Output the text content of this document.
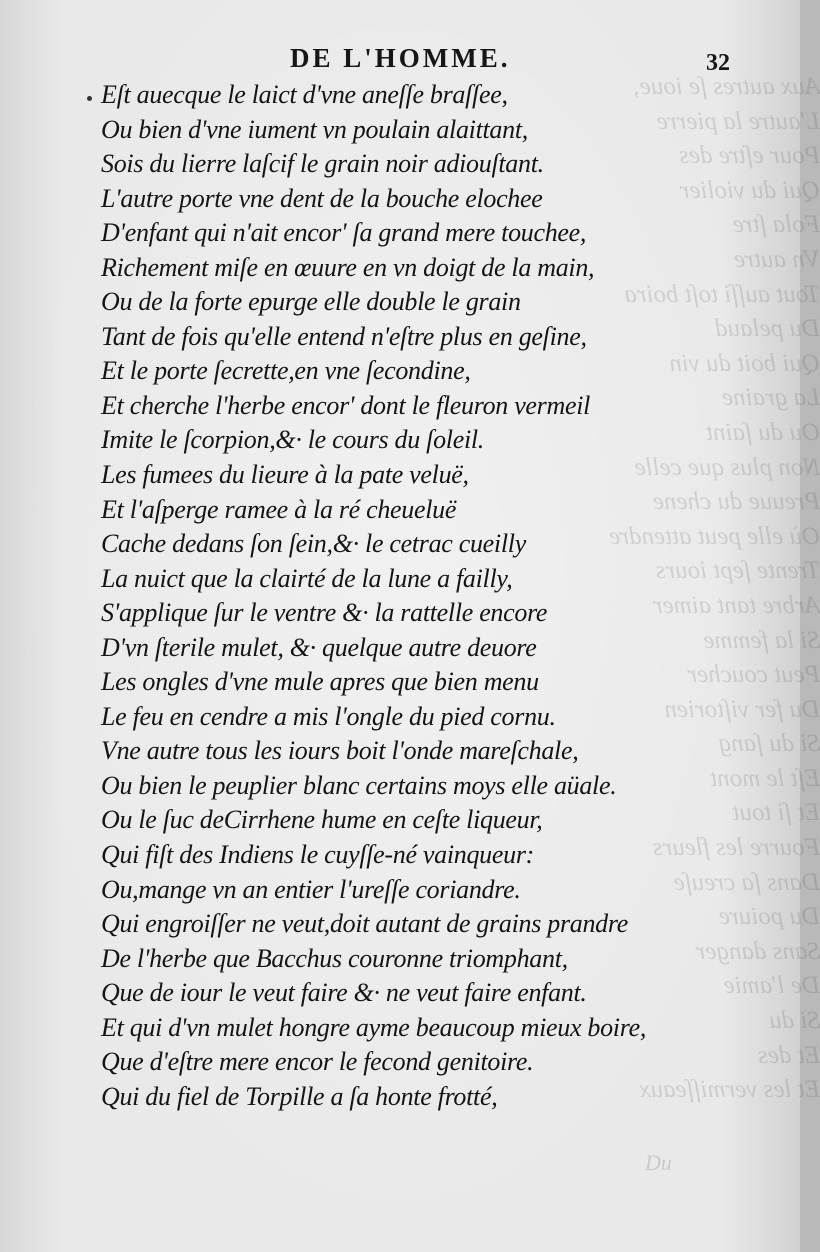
Aux autres ſe ioue,
L'autre la pierre
Pour eſtre des
Qui du violier
Fola ſtre
Vn autre
Tout auſſi toſt boira
Du pelaud
Qui boit du vin
La graine
Ou du ſaint
Non plus que celle
Preuue du chene
Où elle peut attendre
Trente ſept iours
Arbre tant aimer
Si la femme
Peut coucher
Du fer viſtorien
Si du ſang
Eſt le mont
Et ſi tout
Fourre les fleurs
Dans ſa creuſe
Du poiure
Sans danger
De l'amie
Si du
Et des
Et les vermiſſeaux
DE L'HOMME.	32
Eſt auecque le laict d'vne aneſſe braſſee,
Ou bien d'vne iument vn poulain alaittant,
Sois du lierre laſcif le grain noir adiouſtant.
L'autre porte vne dent de la bouche elochee
D'enfant qui n'ait encor' ſa grand mere touchee,
Richement miſe en œuure en vn doigt de la main,
Ou de la forte epurge elle double le grain
Tant de fois qu'elle entend n'eſtre plus en geſine,
Et le porte ſecrette,en vne ſecondine,
Et cherche l'herbe encor' dont le fleuron vermeil
Imite le ſcorpion,&· le cours du ſoleil.
Les fumees du lieure à la pate veluë,
Et l'aſperge ramee à la ré cheueluë
Cache dedans ſon ſein,&· le cetrac cueilly
La nuict que la clairté de la lune a failly,
S'applique ſur le ventre &· la rattelle encore
D'vn ſterile mulet, &· quelque autre deuore
Les ongles d'vne mule apres que bien menu
Le feu en cendre a mis l'ongle du pied cornu.
Vne autre tous les iours boit l'onde mareſchale,
Ou bien le peuplier blanc certains moys elle aüale.
Ou le ſuc deCirrhene hume en ceſte liqueur,
Qui fiſt des Indiens le cuyſſe-né vainqueur:
Ou,mange vn an entier l'ureſſe coriandre.
Qui engroiſſer ne veut,doit autant de grains prandre
De l'herbe que Bacchus couronne triomphant,
Que de iour le veut faire &· ne veut faire enfant.
Et qui d'vn mulet hongre ayme beaucoup mieux boire,
Que d'eſtre mere encor le fecond genitoire.
Qui du fiel de Torpille a ſa honte frotté,
Du
